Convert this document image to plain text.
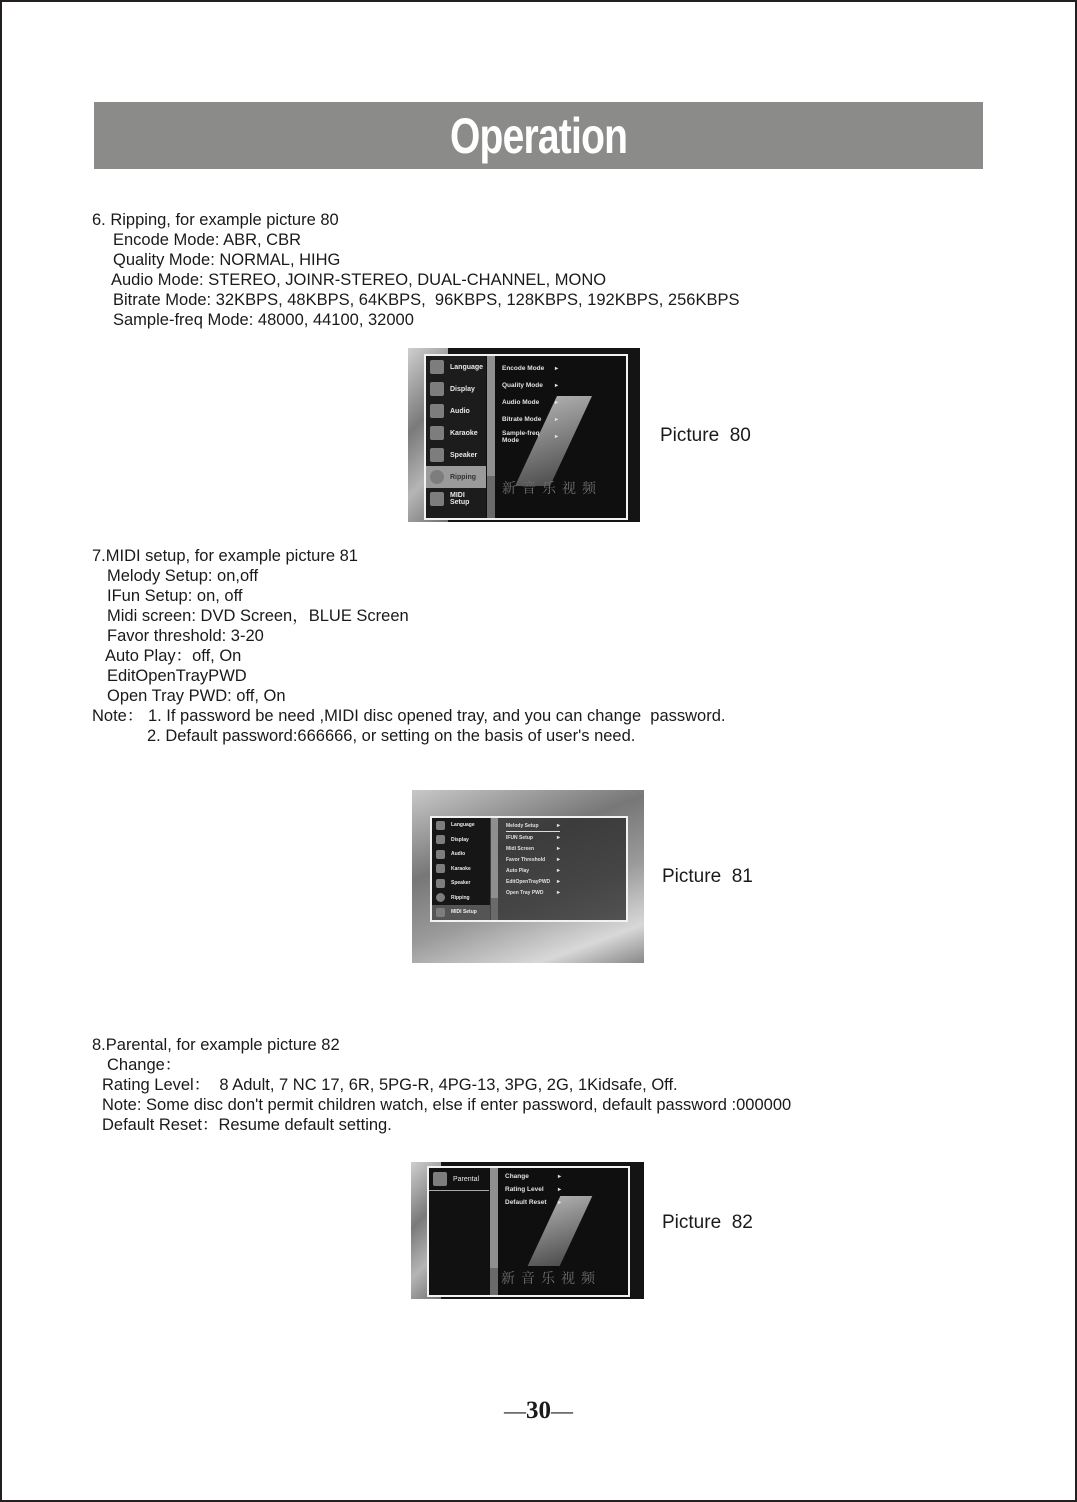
Operation
6. Ripping, for example picture 80
Encode Mode: ABR, CBR
Quality Mode: NORMAL, HIHG
Audio Mode: STEREO, JOINR-STEREO, DUAL-CHANNEL, MONO
Bitrate Mode: 32KBPS, 48KBPS, 64KBPS,  96KBPS, 128KBPS, 192KBPS, 256KBPS
Sample-freq Mode: 48000, 44100, 32000
Language
Display
Audio
Karaoke
Speaker
Ripping
MIDI Setup
Encode Mode ▸
Quality Mode ▸
Audio Mode	▸
Bitrate Mode ▸
Sample-freq Mode	▸
新音乐视频
Picture  80
7.MIDI setup, for example picture 81
Melody Setup: on,off
IFun Setup: on, off
Midi screen: DVD Screen，BLUE Screen
Favor threshold: 3-20
Auto Play：off, On
EditOpenTrayPWD
Open Tray PWD: off, On
Note： 1. If password be need ,MIDI disc opened tray, and you can change  password.
2. Default password:666666, or setting on the basis of user's need.
Language
Display
Audio
Karaoke
Speaker
Ripping
MIDI Setup
Melody Setup	▸
IFUN Setup	▸
Midi Screen	▸
Favor Threshold ▸
Auto Play	▸
EditOpenTrayPWD ▸
Open Tray PWD ▸
Picture  81
8.Parental, for example picture 82
Change：
Rating Level：  8 Adult, 7 NC 17, 6R, 5PG-R, 4PG-13, 3PG, 2G, 1Kidsafe, Off.
Note: Some disc don't permit children watch, else if enter password, default password :000000
Default Reset：Resume default setting.
Parental	Change	▸
Rating Level ▸
Default Reset ▸
新音乐视频
Picture  82
—30—
